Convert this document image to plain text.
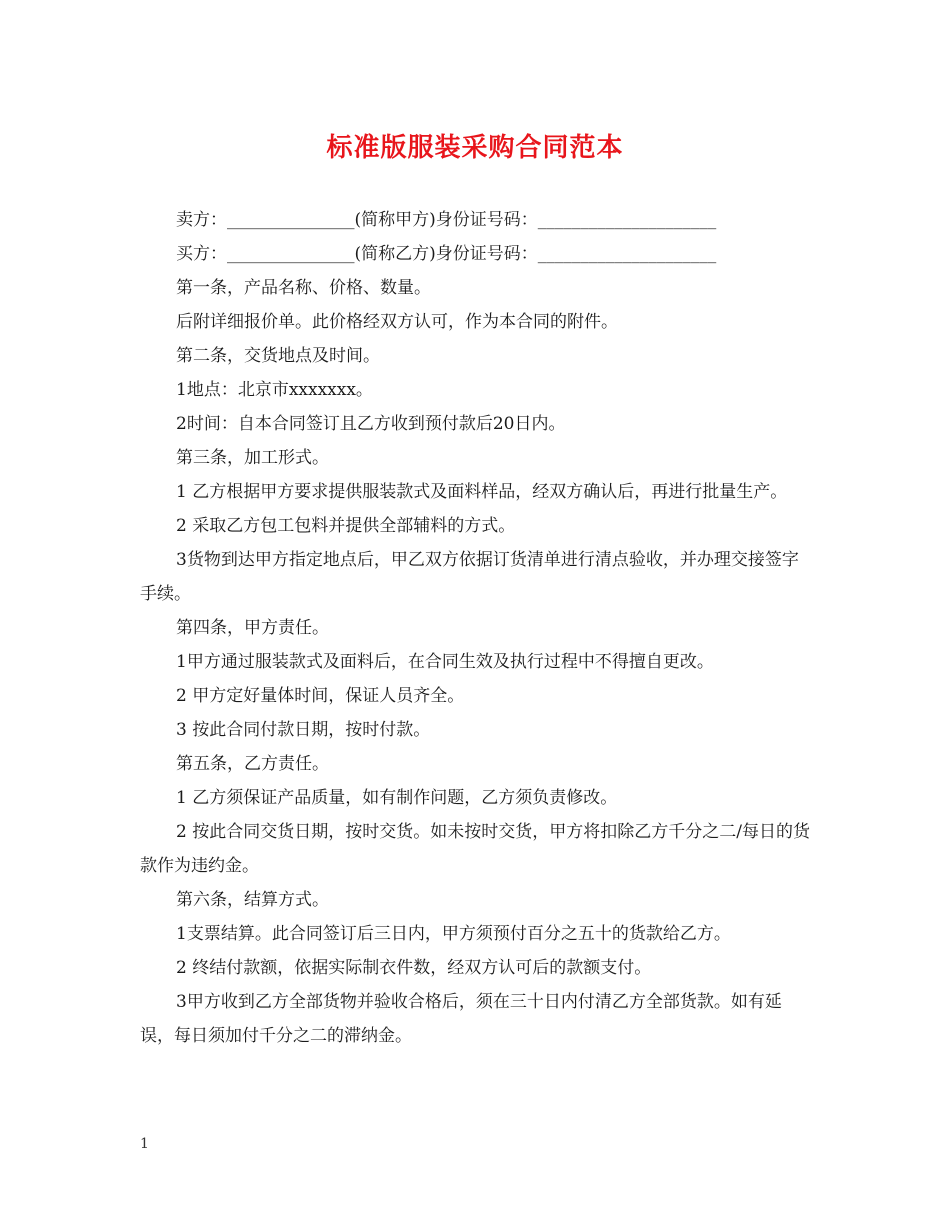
标准版服装采购合同范本

卖方：_______________(简称甲方)身份证号码：_____________________

买方：_______________(简称乙方)身份证号码：_____________________

第一条，产品名称、价格、数量。

后附详细报价单。此价格经双方认可，作为本合同的附件。

第二条，交货地点及时间。

1地点：北京市xxxxxxx。

2时间：自本合同签订且乙方收到预付款后20日内。

第三条，加工形式。

1 乙方根据甲方要求提供服装款式及面料样品，经双方确认后，再进行批量生产。

2 采取乙方包工包料并提供全部辅料的方式。

3货物到达甲方指定地点后，甲乙双方依据订货清单进行清点验收，并办理交接签字手续。

第四条，甲方责任。

1甲方通过服装款式及面料后，在合同生效及执行过程中不得擅自更改。

2 甲方定好量体时间，保证人员齐全。

3 按此合同付款日期，按时付款。

第五条，乙方责任。

1 乙方须保证产品质量，如有制作问题，乙方须负责修改。

2 按此合同交货日期，按时交货。如未按时交货，甲方将扣除乙方千分之二/每日的货款作为违约金。

第六条，结算方式。

1支票结算。此合同签订后三日内，甲方须预付百分之五十的货款给乙方。

2 终结付款额，依据实际制衣件数，经双方认可后的款额支付。

3甲方收到乙方全部货物并验收合格后，须在三十日内付清乙方全部货款。如有延误，每日须加付千分之二的滞纳金。

1
